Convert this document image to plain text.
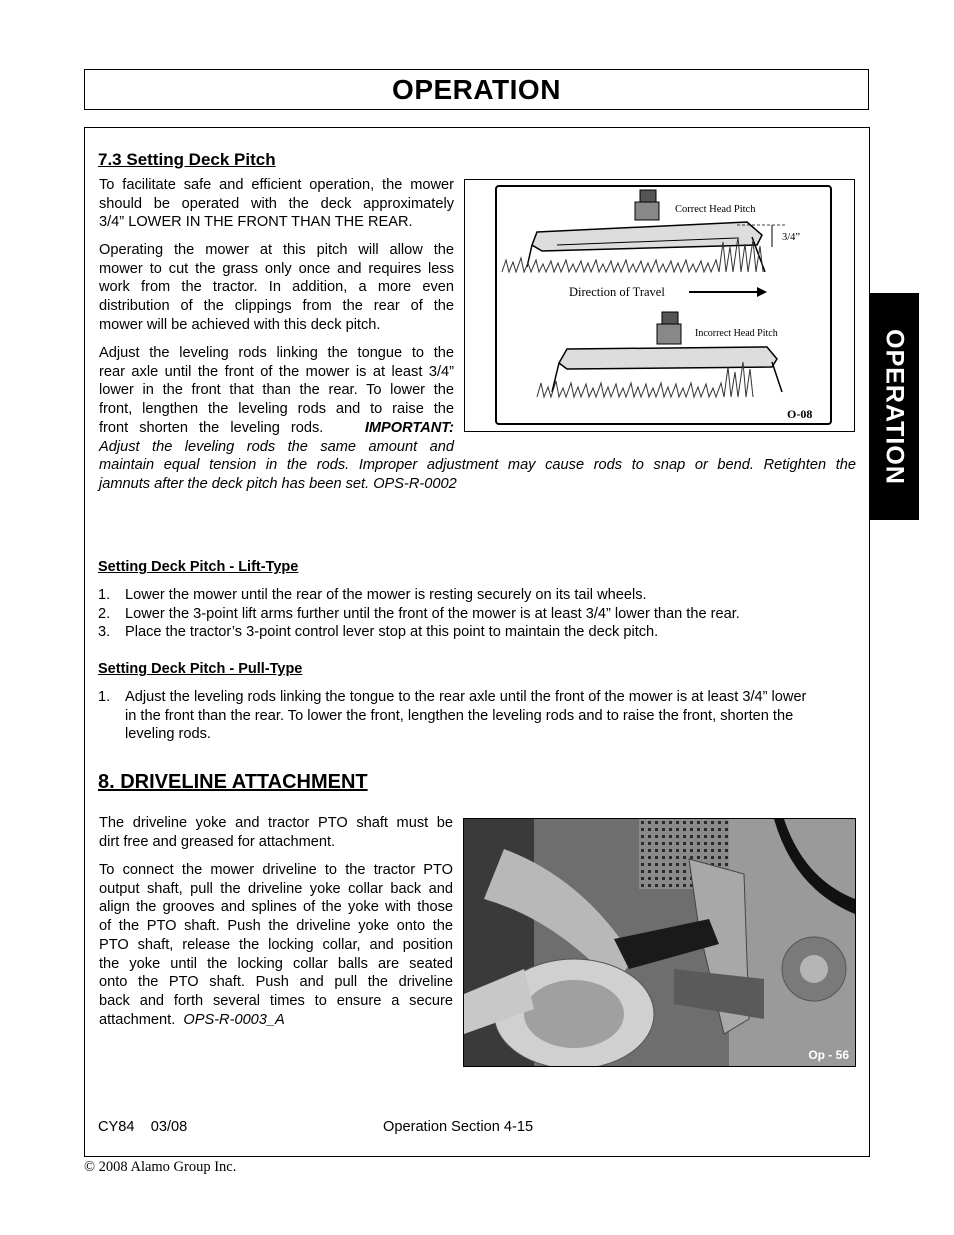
OPERATION
OPERATION
7.3 Setting Deck Pitch
To facilitate safe and efficient operation, the mower
should be operated with the deck approximately
3/4” LOWER IN THE FRONT THAN THE REAR.
Operating the mower at this pitch will allow the
mower to cut the grass only once and requires less
work from the tractor. In addition, a more even
distribution of the clippings from the rear of the
mower will be achieved with this deck pitch.
Adjust the leveling rods linking the tongue to the
rear axle until the front of the mower is at least 3/4”
lower in the front that than the rear. To lower the
front, lengthen the leveling rods and to raise the
front shorten the leveling rods.	IMPORTANT:
Adjust the leveling rods the same amount and
maintain equal tension in the rods. Improper adjustment may cause rods to snap or bend. Retighten the
jamnuts after the deck pitch has been set. OPS-R-0002
Correct Head Pitch
3/4”
Direction of Travel
Incorrect Head Pitch
O-08
Setting Deck Pitch - Lift-Type
1. Lower the mower until the rear of the mower is resting securely on its tail wheels.
2. Lower the 3-point lift arms further until the front of the mower is at least 3/4” lower than the rear.
3. Place the tractor’s 3-point control lever stop at this point to maintain the deck pitch.
Setting Deck Pitch - Pull-Type
1. Adjust the leveling rods linking the tongue to the rear axle until the front of the mower is at least 3/4” lower
in the front than the rear. To lower the front, lengthen the leveling rods and to raise the front, shorten the
leveling rods.
8. DRIVELINE ATTACHMENT
The driveline yoke and tractor PTO shaft must be
dirt free and greased for attachment.
To connect the mower driveline to the tractor PTO
output shaft, pull the driveline yoke collar back and
align the grooves and splines of the yoke with those
of the PTO shaft. Push the driveline yoke onto the
PTO shaft, release the locking collar, and position
the yoke until the locking collar balls are seated
onto the PTO shaft. Push and pull the driveline
back and forth several times to ensure a secure
attachment. OPS-R-0003_A
Op - 56
CY84 03/08	Operation Section 4-15
© 2008 Alamo Group Inc.
